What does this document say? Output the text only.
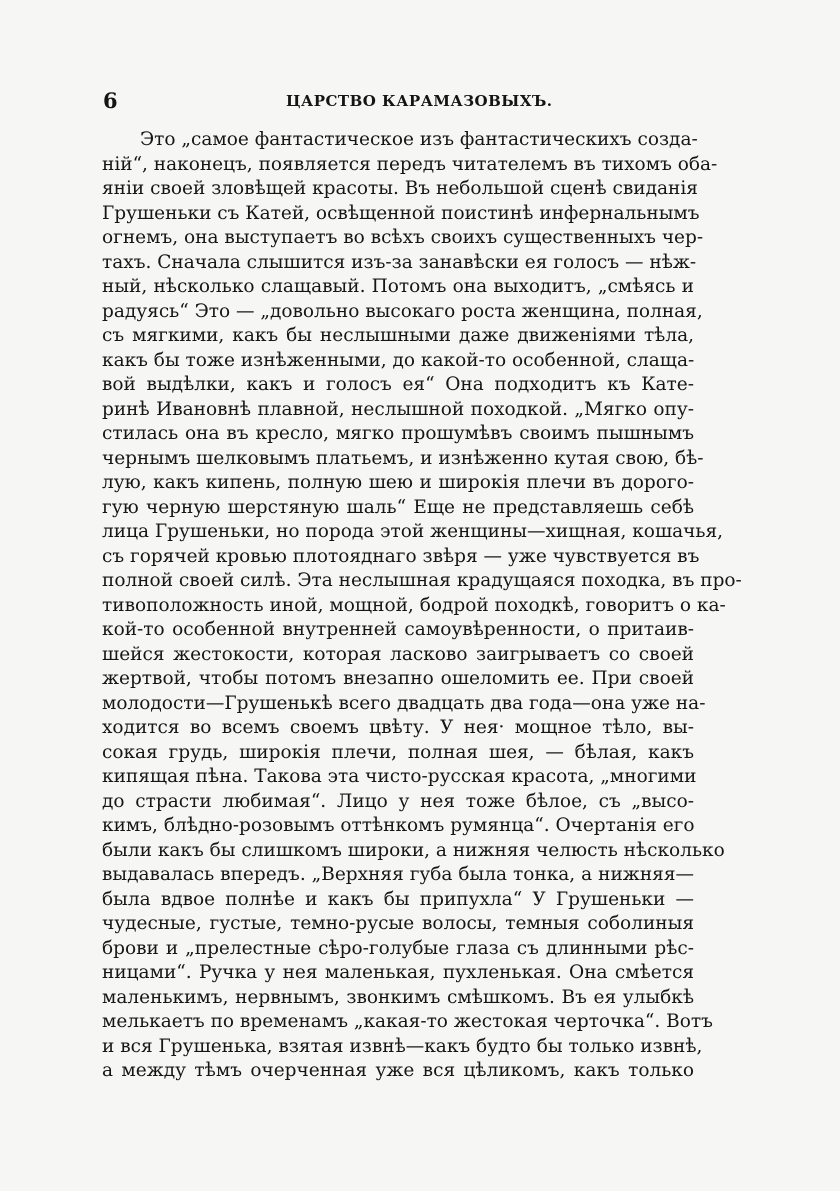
6	ЦАРСТВО КАРАМАЗОВЫХЪ.
Это „самое фантастическое изъ фантастическихъ созда-
ній“, наконецъ, появляется передъ читателемъ въ тихомъ оба-
яніи своей зловѣщей красоты. Въ небольшой сценѣ свиданія
Грушеньки съ Катей, освѣщенной поистинѣ инфернальнымъ
огнемъ, она выступаетъ во всѣхъ своихъ существенныхъ чер-
тахъ. Сначала слышится изъ-за занавѣски ея голосъ — нѣж-
ный, нѣсколько слащавый. Потомъ она выходитъ, „смѣясь и
радуясь“ Это — „довольно высокаго роста женщина, полная,
съ мягкими, какъ бы неслышными даже движеніями тѣла,
какъ бы тоже изнѣженными, до какой-то особенной, слаща-
вой выдѣлки, какъ и голосъ ея“ Она подходитъ къ Кате-
ринѣ Ивановнѣ плавной, неслышной походкой. „Мягко опу-
стилась она въ кресло, мягко прошумѣвъ своимъ пышнымъ
чернымъ шелковымъ платьемъ, и изнѣженно кутая свою, бѣ-
лую, какъ кипень, полную шею и широкія плечи въ дорого-
гую черную шерстяную шаль“ Еще не представляешь себѣ
лица Грушеньки, но порода этой женщины—хищная, кошачья,
съ горячей кровью плотояднаго звѣря — уже чувствуется въ
полной своей силѣ. Эта неслышная крадущаяся походка, въ про-
тивоположность иной, мощной, бодрой походкѣ, говоритъ о ка-
кой-то особенной внутренней самоувѣренности, о притаив-
шейся жестокости, которая ласково заигрываетъ со своей
жертвой, чтобы потомъ внезапно ошеломить ее. При своей
молодости—Грушенькѣ всего двадцать два года—она уже на-
ходится во всемъ своемъ цвѣту. У нея· мощное тѣло, вы-
сокая грудь, широкія плечи, полная шея, — бѣлая, какъ
кипящая пѣна. Такова эта чисто-русская красота, „многими
до страсти любимая“. Лицо у нея тоже бѣлое, съ „высо-
кимъ, блѣдно-розовымъ оттѣнкомъ румянца“. Очертанія его
были какъ бы слишкомъ широки, а нижняя челюсть нѣсколько
выдавалась впередъ. „Верхняя губа была тонка, а нижняя—
была вдвое полнѣе и какъ бы припухла“ У Грушеньки —
чудесные, густые, темно-русые волосы, темныя соболиныя
брови и „прелестные сѣро-голубые глаза съ длинными рѣс-
ницами“. Ручка у нея маленькая, пухленькая. Она смѣется
маленькимъ, нервнымъ, звонкимъ смѣшкомъ. Въ ея улыбкѣ
мелькаетъ по временамъ „какая-то жестокая черточка“. Вотъ
и вся Грушенька, взятая извнѣ—какъ будто бы только извнѣ,
а между тѣмъ очерченная уже вся цѣликомъ, какъ только
